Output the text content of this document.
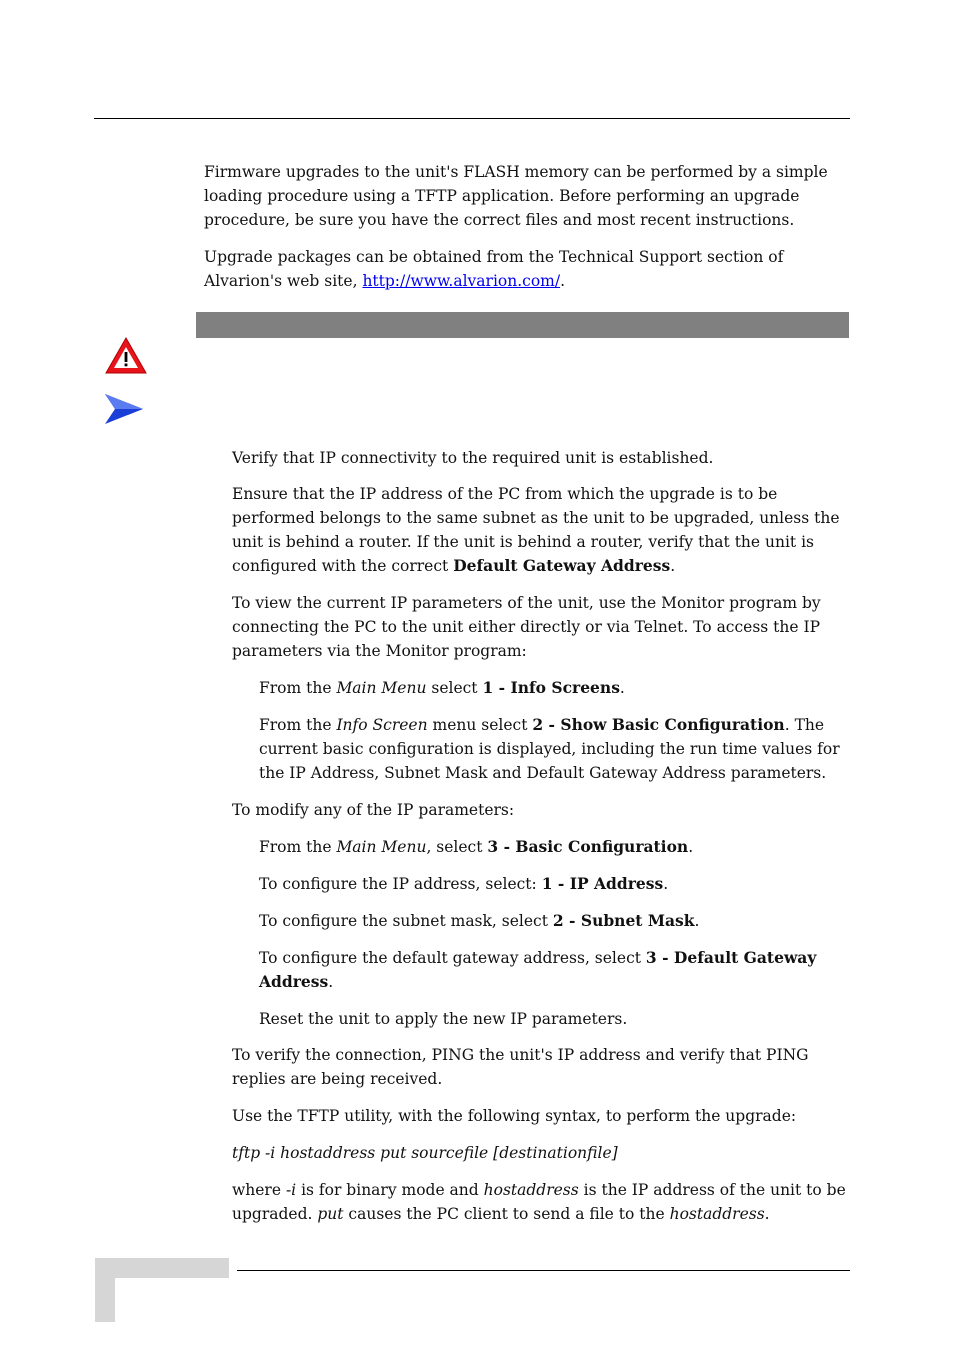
Firmware upgrades to the unit's FLASH memory can be performed by a simple loading procedure using a TFTP application. Before performing an upgrade procedure, be sure you have the correct files and most recent instructions.

Upgrade packages can be obtained from the Technical Support section of Alvarion's web site, http://www.alvarion.com/.

Verify that IP connectivity to the required unit is established.

Ensure that the IP address of the PC from which the upgrade is to be performed belongs to the same subnet as the unit to be upgraded, unless the unit is behind a router. If the unit is behind a router, verify that the unit is configured with the correct Default Gateway Address.

To view the current IP parameters of the unit, use the Monitor program by connecting the PC to the unit either directly or via Telnet. To access the IP parameters via the Monitor program:

From the Main Menu select 1 - Info Screens.

From the Info Screen menu select 2 - Show Basic Configuration. The current basic configuration is displayed, including the run time values for the IP Address, Subnet Mask and Default Gateway Address parameters.

To modify any of the IP parameters:

From the Main Menu, select 3 - Basic Configuration.

To configure the IP address, select: 1 - IP Address.

To configure the subnet mask, select 2 - Subnet Mask.

To configure the default gateway address, select 3 - Default Gateway Address.

Reset the unit to apply the new IP parameters.

To verify the connection, PING the unit's IP address and verify that PING replies are being received.

Use the TFTP utility, with the following syntax, to perform the upgrade:

tftp -i hostaddress put sourcefile [destinationfile]

where -i is for binary mode and hostaddress is the IP address of the unit to be upgraded. put causes the PC client to send a file to the hostaddress.
